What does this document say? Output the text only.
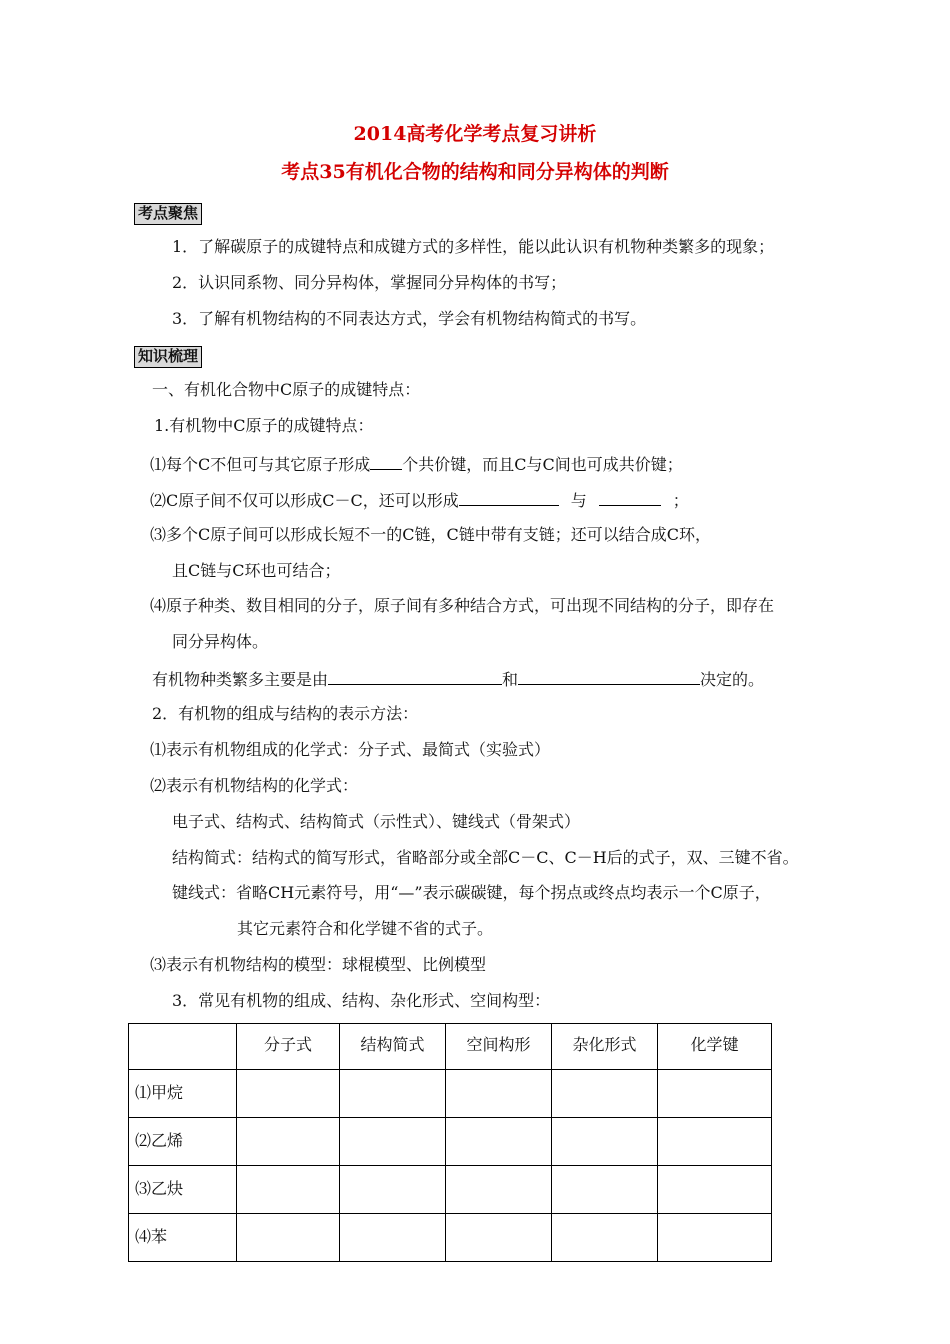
2014高考化学考点复习讲析
考点35有机化合物的结构和同分异构体的判断
考点聚焦
1．了解碳原子的成键特点和成键方式的多样性，能以此认识有机物种类繁多的现象；
2．认识同系物、同分异构体，掌握同分异构体的书写；
3．了解有机物结构的不同表达方式，学会有机物结构简式的书写。
知识梳理
一、有机化合物中C原子的成键特点：
1.有机物中C原子的成键特点：
⑴每个C不但可与其它原子形成 个共价键，而且C与C间也可成共价键；
⑵C原子间不仅可以形成C－C，还可以形成	与	；
⑶多个C原子间可以形成长短不一的C链，C链中带有支链；还可以结合成C环，
且C链与C环也可结合；
⑷原子种类、数目相同的分子，原子间有多种结合方式，可出现不同结构的分子，即存在
同分异构体。
有机物种类繁多主要是由	和	决定的。
2．有机物的组成与结构的表示方法：
⑴表示有机物组成的化学式：分子式、最简式（实验式）
⑵表示有机物结构的化学式：
电子式、结构式、结构简式（示性式）、键线式（骨架式）
结构简式：结构式的简写形式，省略部分或全部C－C、C－H后的式子，双、三键不省。
键线式：省略CH元素符号，用“—”表示碳碳键，每个拐点或终点均表示一个C原子，
其它元素符合和化学键不省的式子。
⑶表示有机物结构的模型：球棍模型、比例模型
3．常见有机物的组成、结构、杂化形式、空间构型：
	分子式	结构简式	空间构形	杂化形式	化学键
⑴甲烷					
⑵乙烯					
⑶乙炔					
⑷苯					
